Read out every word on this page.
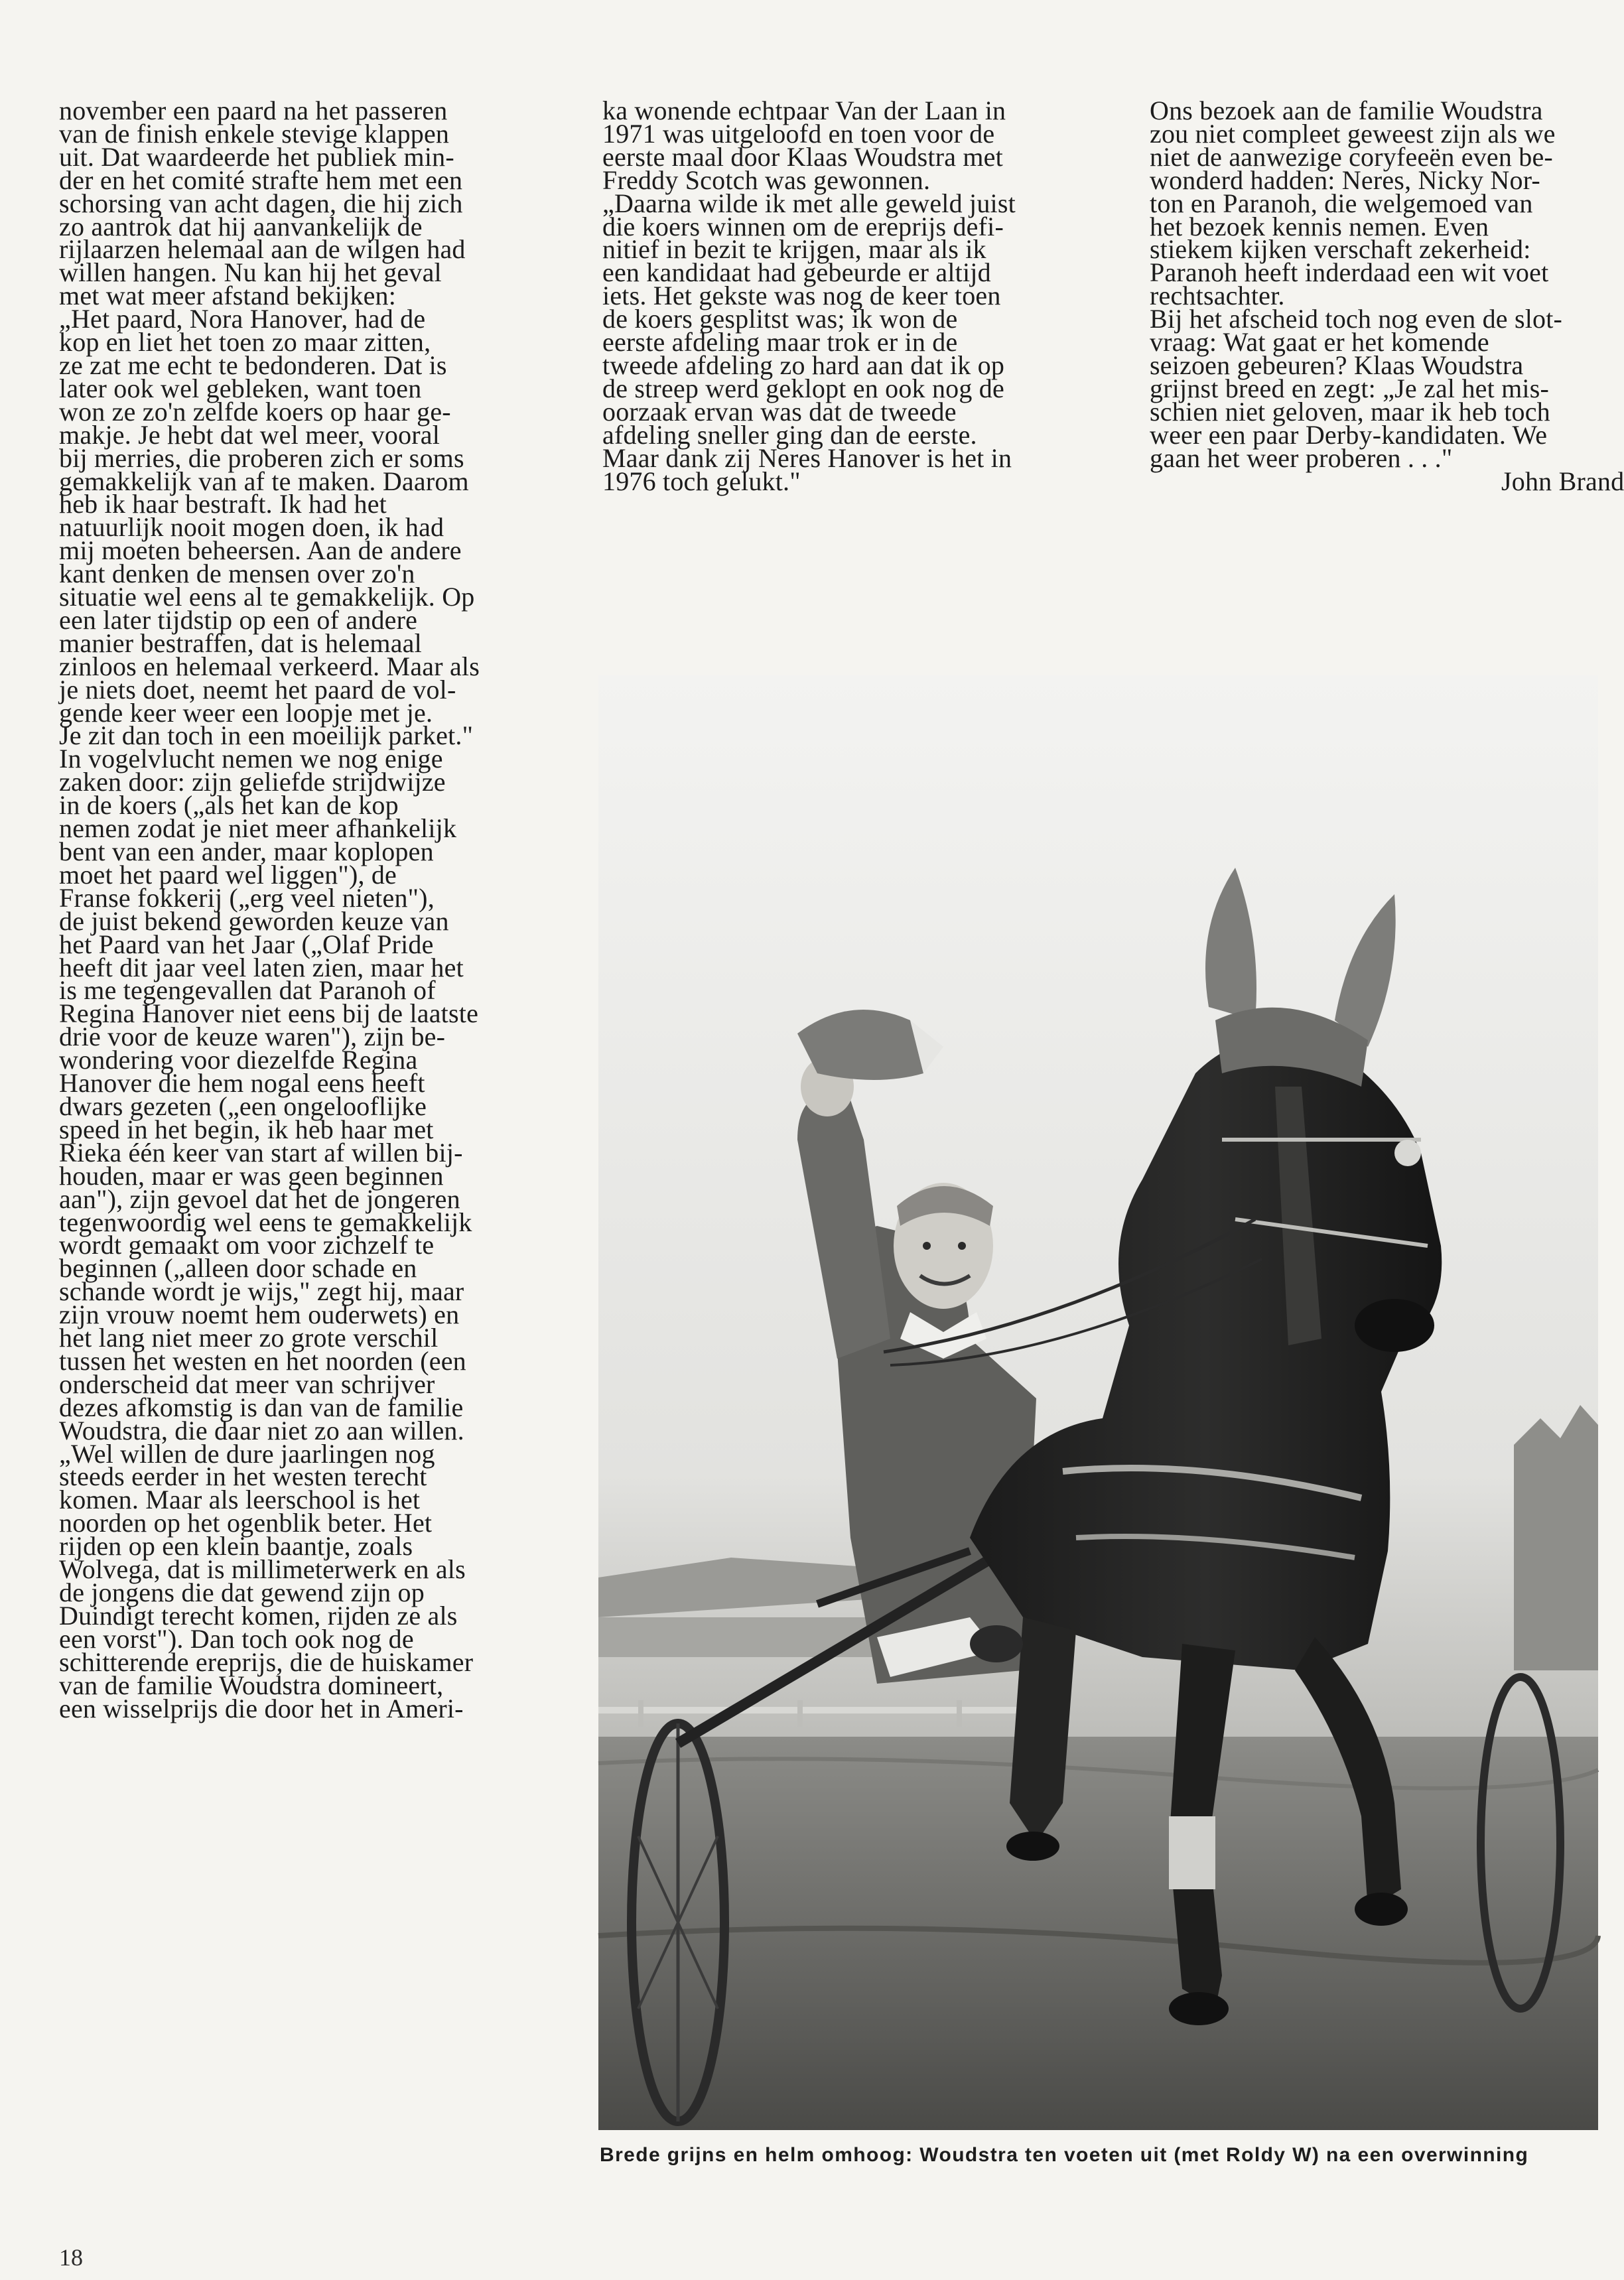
november een paard na het passeren
van de finish enkele stevige klappen
uit. Dat waardeerde het publiek min-
der en het comité strafte hem met een
schorsing van acht dagen, die hij zich
zo aantrok dat hij aanvankelijk de
rijlaarzen helemaal aan de wilgen had
willen hangen. Nu kan hij het geval
met wat meer afstand bekijken:
„Het paard, Nora Hanover, had de
kop en liet het toen zo maar zitten,
ze zat me echt te bedonderen. Dat is
later ook wel gebleken, want toen
won ze zo'n zelfde koers op haar ge-
makje. Je hebt dat wel meer, vooral
bij merries, die proberen zich er soms
gemakkelijk van af te maken. Daarom
heb ik haar bestraft. Ik had het
natuurlijk nooit mogen doen, ik had
mij moeten beheersen. Aan de andere
kant denken de mensen over zo'n
situatie wel eens al te gemakkelijk. Op
een later tijdstip op een of andere
manier bestraffen, dat is helemaal
zinloos en helemaal verkeerd. Maar als
je niets doet, neemt het paard de vol-
gende keer weer een loopje met je.
Je zit dan toch in een moeilijk parket."
In vogelvlucht nemen we nog enige
zaken door: zijn geliefde strijdwijze
in de koers („als het kan de kop
nemen zodat je niet meer afhankelijk
bent van een ander, maar koplopen
moet het paard wel liggen"), de
Franse fokkerij („erg veel nieten"),
de juist bekend geworden keuze van
het Paard van het Jaar („Olaf Pride
heeft dit jaar veel laten zien, maar het
is me tegengevallen dat Paranoh of
Regina Hanover niet eens bij de laatste
drie voor de keuze waren"), zijn be-
wondering voor diezelfde Regina
Hanover die hem nogal eens heeft
dwars gezeten („een ongelooflijke
speed in het begin, ik heb haar met
Rieka één keer van start af willen bij-
houden, maar er was geen beginnen
aan"), zijn gevoel dat het de jongeren
tegenwoordig wel eens te gemakkelijk
wordt gemaakt om voor zichzelf te
beginnen („alleen door schade en
schande wordt je wijs," zegt hij, maar
zijn vrouw noemt hem ouderwets) en
het lang niet meer zo grote verschil
tussen het westen en het noorden (een
onderscheid dat meer van schrijver
dezes afkomstig is dan van de familie
Woudstra, die daar niet zo aan willen.
„Wel willen de dure jaarlingen nog
steeds eerder in het westen terecht
komen. Maar als leerschool is het
noorden op het ogenblik beter. Het
rijden op een klein baantje, zoals
Wolvega, dat is millimeterwerk en als
de jongens die dat gewend zijn op
Duindigt terecht komen, rijden ze als
een vorst"). Dan toch ook nog de
schitterende ereprijs, die de huiskamer
van de familie Woudstra domineert,
een wisselprijs die door het in Ameri-
ka wonende echtpaar Van der Laan in
1971 was uitgeloofd en toen voor de
eerste maal door Klaas Woudstra met
Freddy Scotch was gewonnen.
„Daarna wilde ik met alle geweld juist
die koers winnen om de ereprijs defi-
nitief in bezit te krijgen, maar als ik
een kandidaat had gebeurde er altijd
iets. Het gekste was nog de keer toen
de koers gesplitst was; ik won de
eerste afdeling maar trok er in de
tweede afdeling zo hard aan dat ik op
de streep werd geklopt en ook nog de
oorzaak ervan was dat de tweede
afdeling sneller ging dan de eerste.
Maar dank zij Neres Hanover is het in
1976 toch gelukt."
Ons bezoek aan de familie Woudstra
zou niet compleet geweest zijn als we
niet de aanwezige coryfeeën even be-
wonderd hadden: Neres, Nicky Nor-
ton en Paranoh, die welgemoed van
het bezoek kennis nemen. Even
stiekem kijken verschaft zekerheid:
Paranoh heeft inderdaad een wit voet
rechtsachter.
Bij het afscheid toch nog even de slot-
vraag: Wat gaat er het komende
seizoen gebeuren? Klaas Woudstra
grijnst breed en zegt: „Je zal het mis-
schien niet geloven, maar ik heb toch
weer een paar Derby-kandidaten. We
gaan het weer proberen . . ."
John Brand
Brede grijns en helm omhoog: Woudstra ten voeten uit (met Roldy W) na een overwinning
18
